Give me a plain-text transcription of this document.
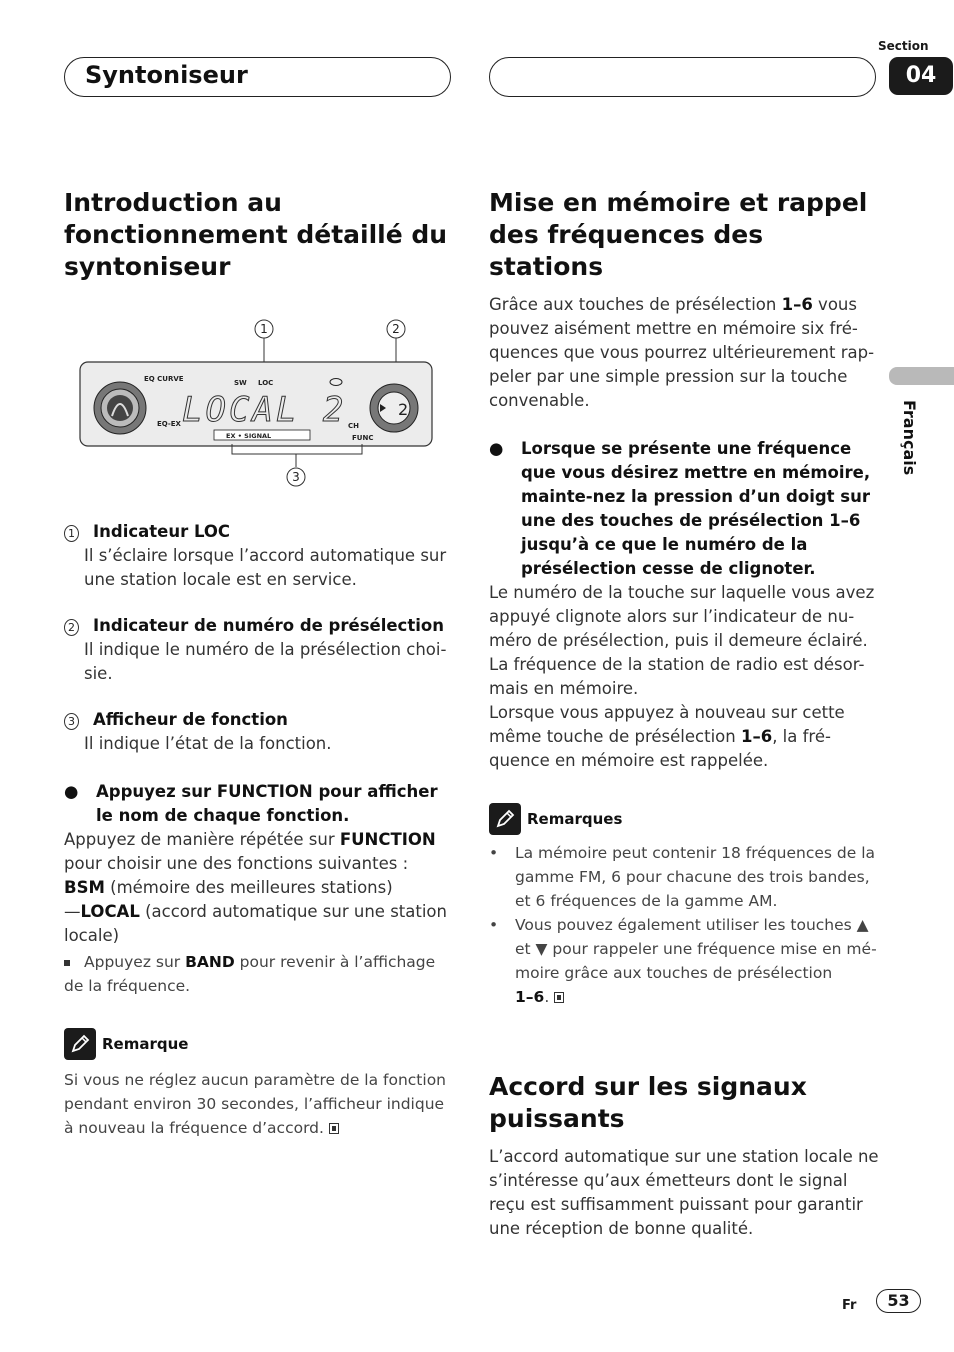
Syntoniseur
Section
04
Français
Introduction au fonctionnement détaillé du syntoniseur
1	2
EQ CURVE
EQ-EX
SW LOC
CH
FUNC
LOCAL 2
EX • SIGNAL
2
3
1 Indicateur LOC
Il s’éclaire lorsque l’accord automatique sur une station locale est en service.
2 Indicateur de numéro de présélection
Il indique le numéro de la présélection choi-sie.
3 Afficheur de fonction
Il indique l’état de la fonction.
●	Appuyez sur FUNCTION pour afficher le nom de chaque fonction.
Appuyez de manière répétée sur FUNCTION pour choisir une des fonctions suivantes :
BSM (mémoire des meilleures stations)
—LOCAL (accord automatique sur une station locale)
Appuyez sur BAND pour revenir à l’affichage de la fréquence.
Remarque
Si vous ne réglez aucun paramètre de la fonction pendant environ 30 secondes, l’afficheur indique à nouveau la fréquence d’accord.
Mise en mémoire et rappel des fréquences des stations
Grâce aux touches de présélection 1–6 vous pouvez aisément mettre en mémoire six fré-quences que vous pourrez ultérieurement rap-peler par une simple pression sur la touche convenable.
●	Lorsque se présente une fréquence que vous désirez mettre en mémoire, mainte-nez la pression d’un doigt sur une des touches de présélection 1–6 jusqu’à ce que le numéro de la présélection cesse de clignoter.
Le numéro de la touche sur laquelle vous avez appuyé clignote alors sur l’indicateur de nu-méro de présélection, puis il demeure éclairé.
La fréquence de la station de radio est désor-mais en mémoire.
Lorsque vous appuyez à nouveau sur cette même touche de présélection 1–6, la fré-quence en mémoire est rappelée.
Remarques
•	La mémoire peut contenir 18 fréquences de la gamme FM, 6 pour chacune des trois bandes, et 6 fréquences de la gamme AM.
•	Vous pouvez également utiliser les touches ▲ et ▼ pour rappeler une fréquence mise en mé-moire grâce aux touches de présélection
1–6.
Accord sur les signaux puissants
L’accord automatique sur une station locale ne s’intéresse qu’aux émetteurs dont le signal reçu est suffisamment puissant pour garantir une réception de bonne qualité.
Fr	53
